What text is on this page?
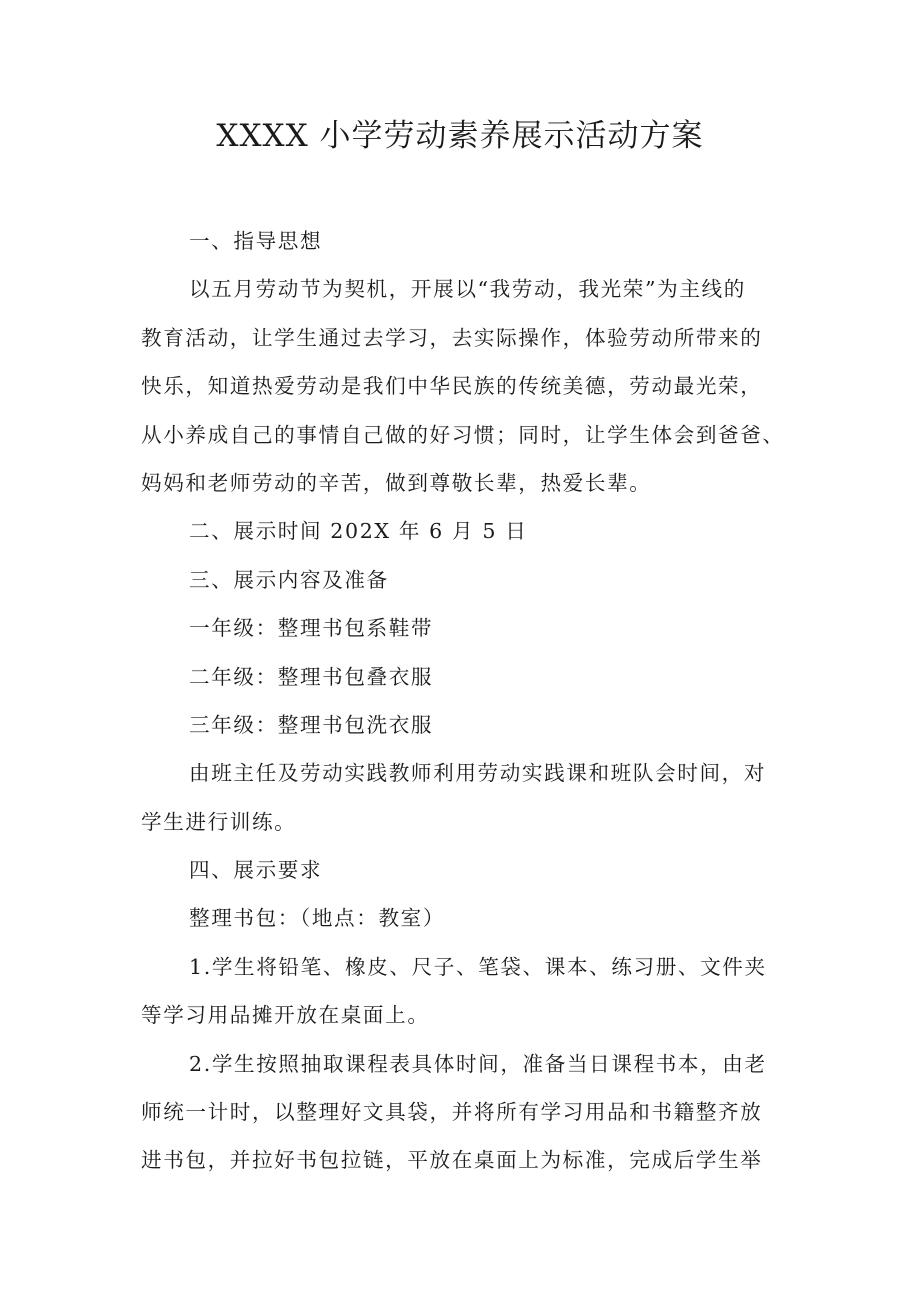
XXXX 小学劳动素养展示活动方案
一、指导思想
以五月劳动节为契机，开展以“我劳动，我光荣”为主线的
教育活动，让学生通过去学习，去实际操作，体验劳动所带来的
快乐，知道热爱劳动是我们中华民族的传统美德，劳动最光荣，
从小养成自己的事情自己做的好习惯；同时，让学生体会到爸爸、
妈妈和老师劳动的辛苦，做到尊敬长辈，热爱长辈。
二、展示时间 202X 年 6 月 5 日
三、展示内容及准备
一年级：整理书包系鞋带
二年级：整理书包叠衣服
三年级：整理书包洗衣服
由班主任及劳动实践教师利用劳动实践课和班队会时间，对
学生进行训练。
四、展示要求
整理书包：（地点：教室）
1.学生将铅笔、橡皮、尺子、笔袋、课本、练习册、文件夹
等学习用品摊开放在桌面上。
2.学生按照抽取课程表具体时间，准备当日课程书本，由老
师统一计时，以整理好文具袋，并将所有学习用品和书籍整齐放
进书包，并拉好书包拉链，平放在桌面上为标准，完成后学生举
